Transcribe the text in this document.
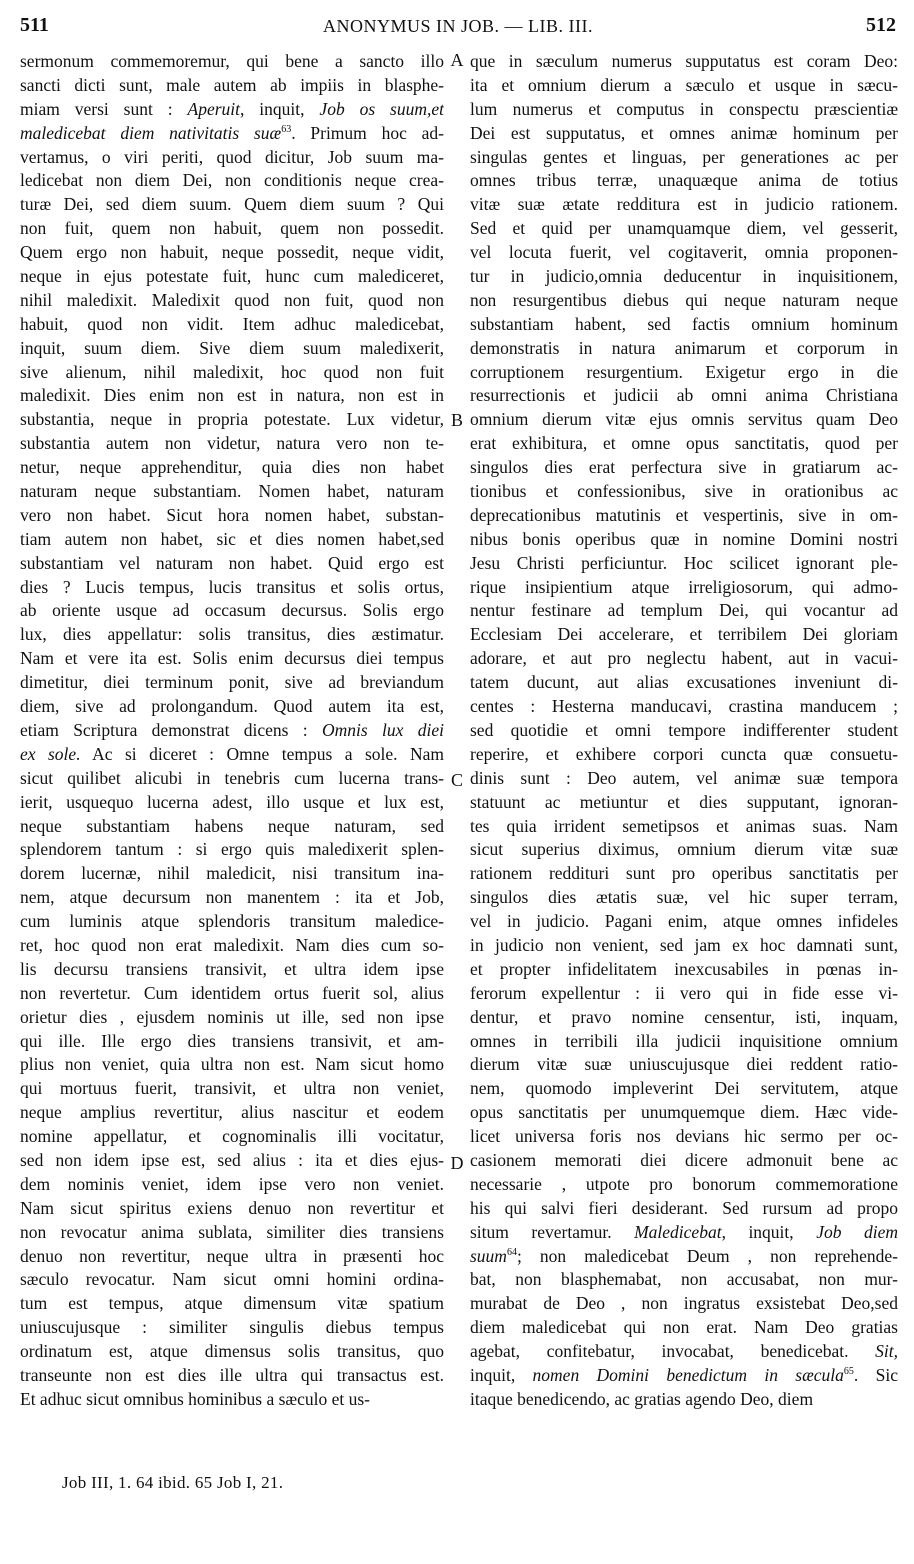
511	ANONYMUS IN JOB. — LIB. III.	512
sermonum commemoremur, qui bene a sancto illo
sancti dicti sunt, male autem ab impiis in blasphe-
miam versi sunt : Aperuit, inquit, Job os suum,et
maledicebat diem nativitatis suæ$^{63}$. Primum hoc ad-
vertamus, o viri periti, quod dicitur, Job suum ma-
ledicebat non diem Dei, non conditionis neque crea-
turæ Dei, sed diem suum. Quem diem suum ? Qui
non fuit, quem non habuit, quem non possedit.
Quem ergo non habuit, neque possedit, neque vidit,
neque in ejus potestate fuit, hunc cum malediceret,
nihil maledixit. Maledixit quod non fuit, quod non
habuit, quod non vidit. Item adhuc maledicebat,
inquit, suum diem. Sive diem suum maledixerit,
sive alienum, nihil maledixit, hoc quod non fuit
maledixit. Dies enim non est in natura, non est in
substantia, neque in propria potestate. Lux videtur,
substantia autem non videtur, natura vero non te-
netur, neque apprehenditur, quia dies non habet
naturam neque substantiam. Nomen habet, naturam
vero non habet. Sicut hora nomen habet, substan-
tiam autem non habet, sic et dies nomen habet,sed
substantiam vel naturam non habet. Quid ergo est
dies ? Lucis tempus, lucis transitus et solis ortus,
ab oriente usque ad occasum decursus. Solis ergo
lux, dies appellatur: solis transitus, dies æstimatur.
Nam et vere ita est. Solis enim decursus diei tempus
dimetitur, diei terminum ponit, sive ad breviandum
diem, sive ad prolongandum. Quod autem ita est,
etiam Scriptura demonstrat dicens : Omnis lux diei
ex sole. Ac si diceret : Omne tempus a sole. Nam
sicut quilibet alicubi in tenebris cum lucerna trans-
ierit, usquequo lucerna adest, illo usque et lux est,
neque substantiam habens neque naturam, sed
splendorem tantum : si ergo quis maledixerit splen-
dorem lucernæ, nihil maledicit, nisi transitum ina-
nem, atque decursum non manentem : ita et Job,
cum luminis atque splendoris transitum maledice-
ret, hoc quod non erat maledixit. Nam dies cum so-
lis decursu transiens transivit, et ultra idem ipse
non revertetur. Cum identidem ortus fuerit sol, alius
orietur dies , ejusdem nominis ut ille, sed non ipse
qui ille. Ille ergo dies transiens transivit, et am-
plius non veniet, quia ultra non est. Nam sicut homo
qui mortuus fuerit, transivit, et ultra non veniet,
neque amplius revertitur, alius nascitur et eodem
nomine appellatur, et cognominalis illi vocitatur,
sed non idem ipse est, sed alius : ita et dies ejus-
dem nominis veniet, idem ipse vero non veniet.
Nam sicut spiritus exiens denuo non revertitur et
non revocatur anima sublata, similiter dies transiens
denuo non revertitur, neque ultra in præsenti hoc
sæculo revocatur. Nam sicut omni homini ordina-
tum est tempus, atque dimensum vitæ spatium
uniuscujusque : similiter singulis diebus tempus
ordinatum est, atque dimensus solis transitus, quo
transeunte non est dies ille ultra qui transactus est.
Et adhuc sicut omnibus hominibus a sæculo et us-
que in sæculum numerus supputatus est coram Deo:
ita et omnium dierum a sæculo et usque in sæcu-
lum numerus et computus in conspectu præscientiæ
Dei est supputatus, et omnes animæ hominum per
singulas gentes et linguas, per generationes ac per
omnes tribus terræ, unaquæque anima de totius
vitæ suæ ætate redditura est in judicio rationem.
Sed et quid per unamquamque diem, vel gesserit,
vel locuta fuerit, vel cogitaverit, omnia proponen-
tur in judicio,omnia deducentur in inquisitionem,
non resurgentibus diebus qui neque naturam neque
substantiam habent, sed factis omnium hominum
demonstratis in natura animarum et corporum in
corruptionem resurgentium. Exigetur ergo in die
resurrectionis et judicii ab omni anima Christiana
omnium dierum vitæ ejus omnis servitus quam Deo
erat exhibitura, et omne opus sanctitatis, quod per
singulos dies erat perfectura sive in gratiarum ac-
tionibus et confessionibus, sive in orationibus ac
deprecationibus matutinis et vespertinis, sive in om-
nibus bonis operibus quæ in nomine Domini nostri
Jesu Christi perficiuntur. Hoc scilicet ignorant ple-
rique insipientium atque irreligiosorum, qui admo-
nentur festinare ad templum Dei, qui vocantur ad
Ecclesiam Dei accelerare, et terribilem Dei gloriam
adorare, et aut pro neglectu habent, aut in vacui-
tatem ducunt, aut alias excusationes inveniunt di-
centes : Hesterna manducavi, crastina manducem ;
sed quotidie et omni tempore indifferenter student
reperire, et exhibere corpori cuncta quæ consuetu-
dinis sunt : Deo autem, vel animæ suæ tempora
statuunt ac metiuntur et dies supputant, ignoran-
tes quia irrident semetipsos et animas suas. Nam
sicut superius diximus, omnium dierum vitæ suæ
rationem reddituri sunt pro operibus sanctitatis per
singulos dies ætatis suæ, vel hic super terram,
vel in judicio. Pagani enim, atque omnes infideles
in judicio non venient, sed jam ex hoc damnati sunt,
et propter infidelitatem inexcusabiles in pœnas in-
ferorum expellentur : ii vero qui in fide esse vi-
dentur, et pravo nomine censentur, isti, inquam,
omnes in terribili illa judicii inquisitione omnium
dierum vitæ suæ uniuscujusque diei reddent ratio-
nem, quomodo impleverint Dei servitutem, atque
opus sanctitatis per unumquemque diem. Hæc vide-
licet universa foris nos devians hic sermo per oc-
casionem memorati diei dicere admonuit bene ac
necessarie , utpote pro bonorum commemoratione
his qui salvi fieri desiderant. Sed rursum ad propo
situm revertamur. Maledicebat, inquit, Job diem
suum$^{64}$; non maledicebat Deum , non reprehende-
bat, non blasphemabat, non accusabat, non mur-
murabat de Deo , non ingratus exsistebat Deo,sed
diem maledicebat qui non erat. Nam Deo gratias
agebat, confitebatur, invocabat, benedicebat. Sit,
inquit, nomen Domini benedictum in sæcula$^{65}$. Sic
itaque benedicendo, ac gratias agendo Deo, diem
A
B
C
D
Job III, 1. 64 ibid. 65 Job I, 21.
